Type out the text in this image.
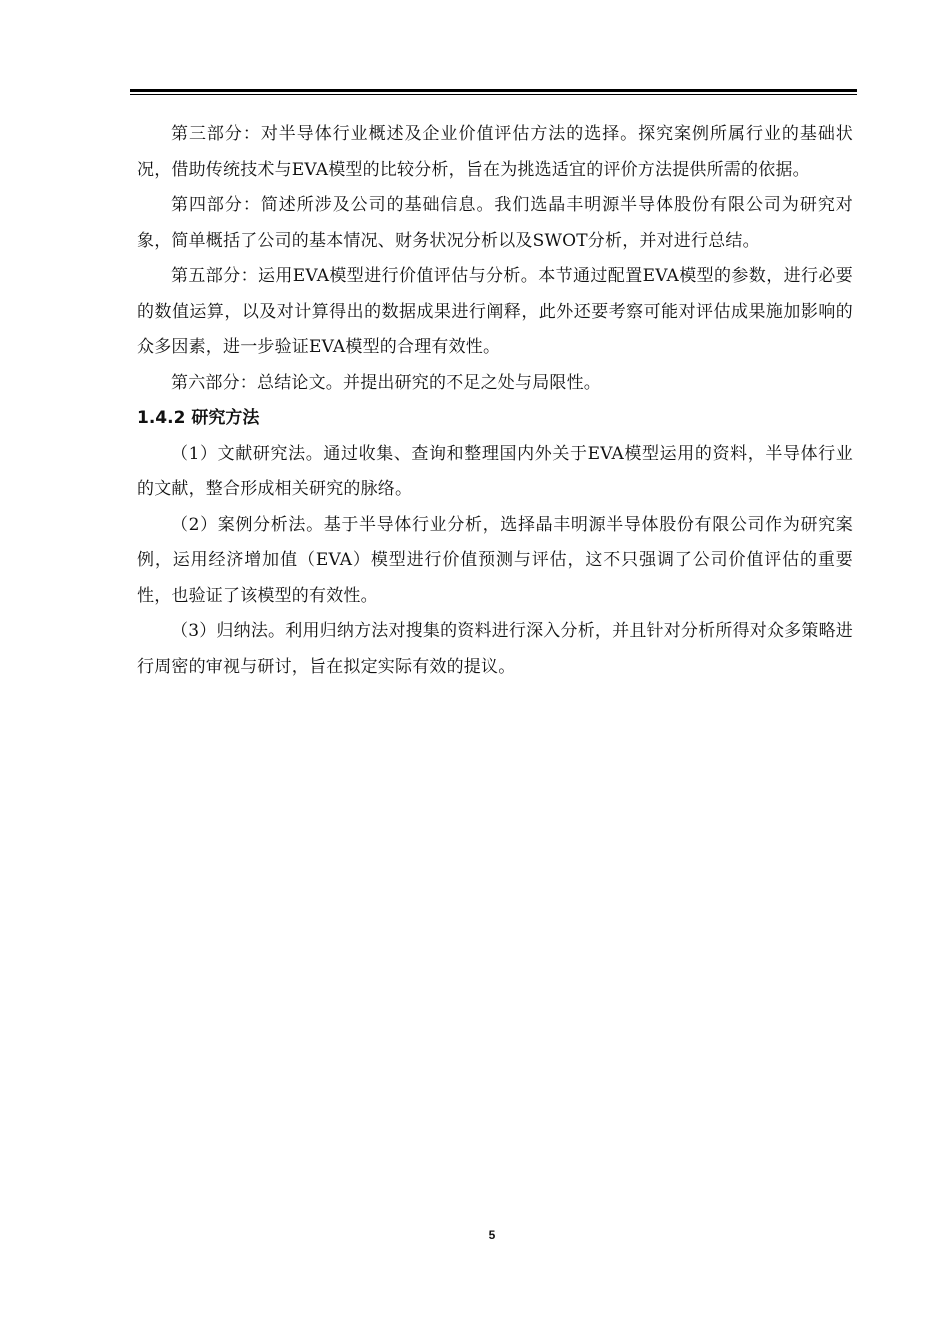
第三部分：对半导体行业概述及企业价值评估方法的选择。探究案例所属行业的基础状况，借助传统技术与EVA模型的比较分析，旨在为挑选适宜的评价方法提供所需的依据。

第四部分：简述所涉及公司的基础信息。我们选晶丰明源半导体股份有限公司为研究对象，简单概括了公司的基本情况、财务状况分析以及SWOT分析，并对进行总结。

第五部分：运用EVA模型进行价值评估与分析。本节通过配置EVA模型的参数，进行必要的数值运算，以及对计算得出的数据成果进行阐释，此外还要考察可能对评估成果施加影响的众多因素，进一步验证EVA模型的合理有效性。

第六部分：总结论文。并提出研究的不足之处与局限性。

1.4.2 研究方法

（1）文献研究法。通过收集、查询和整理国内外关于EVA模型运用的资料，半导体行业的文献，整合形成相关研究的脉络。

（2）案例分析法。基于半导体行业分析，选择晶丰明源半导体股份有限公司作为研究案例，运用经济增加值（EVA）模型进行价值预测与评估，这不只强调了公司价值评估的重要性，也验证了该模型的有效性。

（3）归纳法。利用归纳方法对搜集的资料进行深入分析，并且针对分析所得对众多策略进行周密的审视与研讨，旨在拟定实际有效的提议。

5
